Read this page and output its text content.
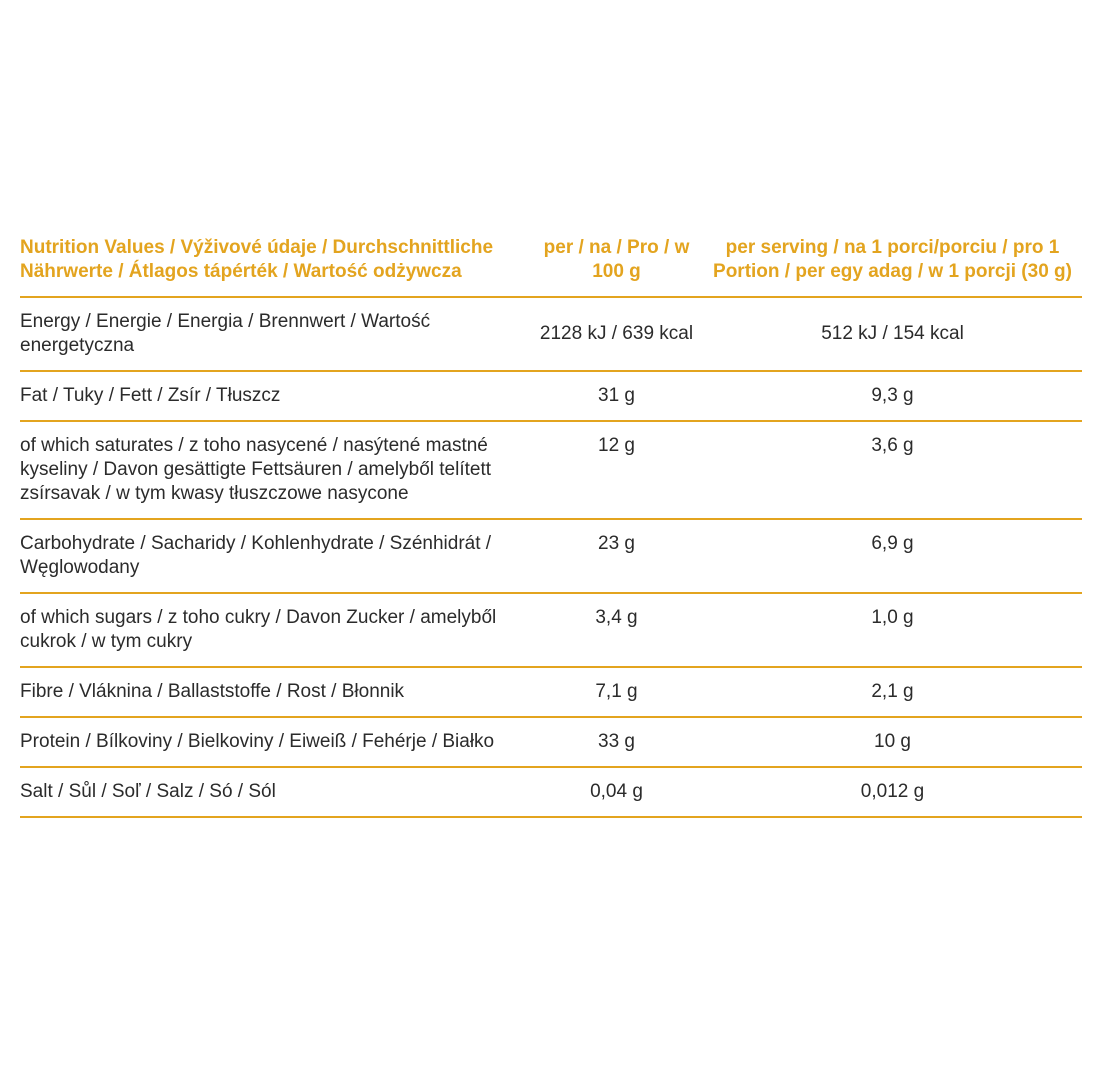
Nutrition Values / Výživové údaje / Durchschnittliche Nährwerte / Átlagos tápérték / Wartość odżywcza	per / na / Pro / w 100 g	per serving / na 1 porci/porciu / pro 1 Portion / per egy adag / w 1 porcji (30 g)
Energy / Energie / Energia / Brennwert / Wartość energetyczna	2128 kJ / 639 kcal	512 kJ / 154 kcal
Fat / Tuky / Fett / Zsír / Tłuszcz	31 g	9,3 g
of which saturates / z toho nasycené / nasýtené mastné kyseliny / Davon gesättigte Fettsäuren / amelyből telített zsírsavak / w tym kwasy tłuszczowe nasycone	12 g	3,6 g
Carbohydrate / Sacharidy / Kohlenhydrate / Szénhidrát / Węglowodany	23 g	6,9 g
of which sugars / z toho cukry / Davon Zucker / amelyből cukrok / w tym cukry	3,4 g	1,0 g
Fibre / Vláknina / Ballaststoffe / Rost / Błonnik	7,1 g	2,1 g
Protein / Bílkoviny / Bielkoviny / Eiweiß / Fehérje / Białko	33 g	10 g
Salt / Sůl / Soľ / Salz / Só / Sól	0,04 g	0,012 g
